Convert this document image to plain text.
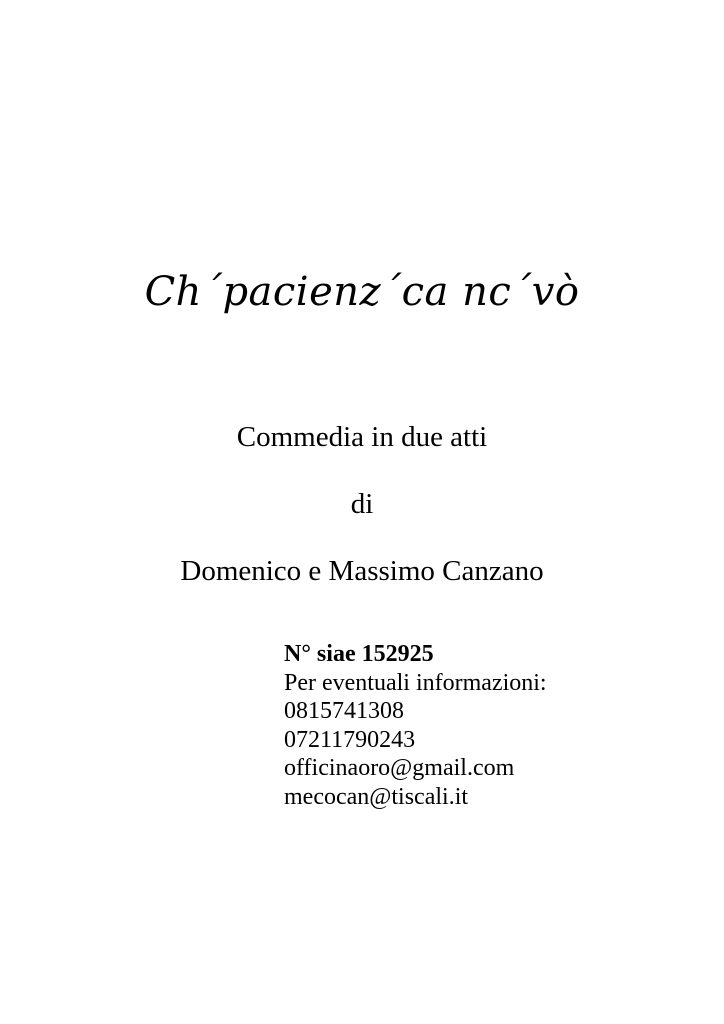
Ch´pacienz´ca nc´vò
Commedia in due atti
di
Domenico e Massimo Canzano
N° siae 152925
Per eventuali informazioni:
0815741308
07211790243
officinaoro@gmail.com
mecocan@tiscali.it
